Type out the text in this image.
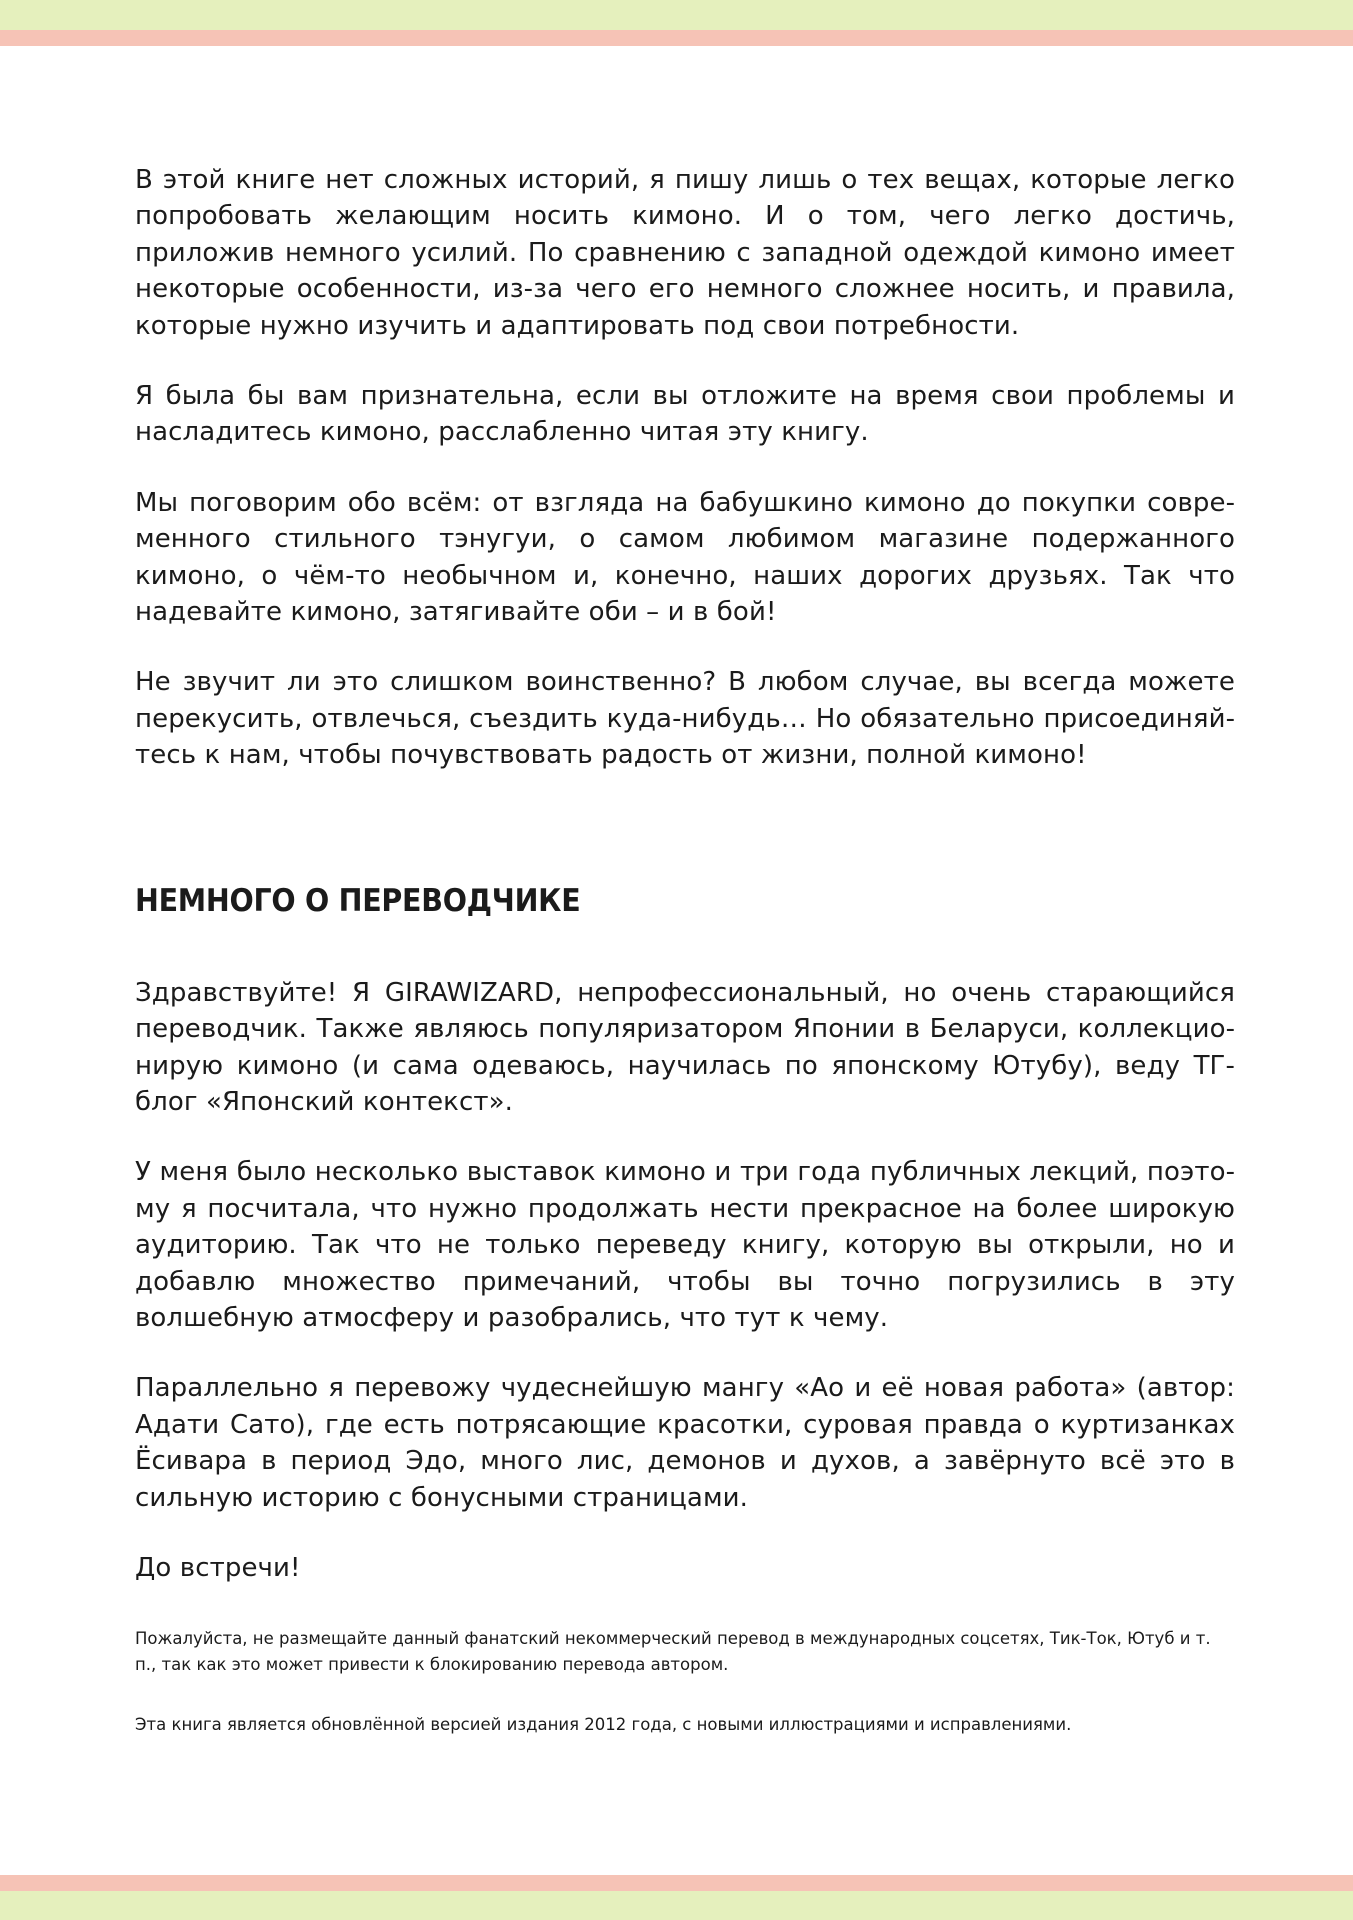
В этой книге нет сложных историй, я пишу лишь о тех вещах, которые легко попробовать желающим носить кимоно. И о том, чего легко достичь, приложив немного усилий. По сравнению с западной одеждой кимоно имеет некоторые особенности, из-за чего его немного сложнее носить, и правила, которые нужно изучить и адаптировать под свои потребности.

Я была бы вам признательна, если вы отложите на время свои проблемы и насладитесь кимоно, расслабленно читая эту книгу.

Мы поговорим обо всём: от взгляда на бабушкино кимоно до покупки современного стильного тэнугуи, о самом любимом магазине подержанного кимоно, о чём-то необычном и, конечно, наших дорогих друзьях. Так что надевайте кимоно, затягивайте оби – и в бой!

Не звучит ли это слишком воинственно? В любом случае, вы всегда можете перекусить, отвлечься, съездить куда-нибудь… Но обязательно присоединяйтесь к нам, чтобы почувствовать радость от жизни, полной кимоно!

НЕМНОГО О ПЕРЕВОДЧИКЕ

Здравствуйте! Я GIRAWIZARD, непрофессиональный, но очень старающийся переводчик. Также являюсь популяризатором Японии в Беларуси, коллекционирую кимоно (и сама одеваюсь, научилась по японскому Ютубу), веду ТГ-блог «Японский контекст».

У меня было несколько выставок кимоно и три года публичных лекций, поэтому я посчитала, что нужно продолжать нести прекрасное на более широкую аудиторию. Так что не только переведу книгу, которую вы открыли, но и добавлю множество примечаний, чтобы вы точно погрузились в эту волшебную атмосферу и разобрались, что тут к чему.

Параллельно я перевожу чудеснейшую мангу «Ао и её новая работа» (автор: Адати Сато), где есть потрясающие красотки, суровая правда о куртизанках Ёсивара в период Эдо, много лис, демонов и духов, а завёрнуто всё это в сильную историю с бонусными страницами.

До встречи!

Пожалуйста, не размещайте данный фанатский некоммерческий перевод в международных соцсетях, Тик-Ток, Ютуб и т. п., так как это может привести к блокированию перевода автором.

Эта книга является обновлённой версией издания 2012 года, с новыми иллюстрациями и исправлениями.
